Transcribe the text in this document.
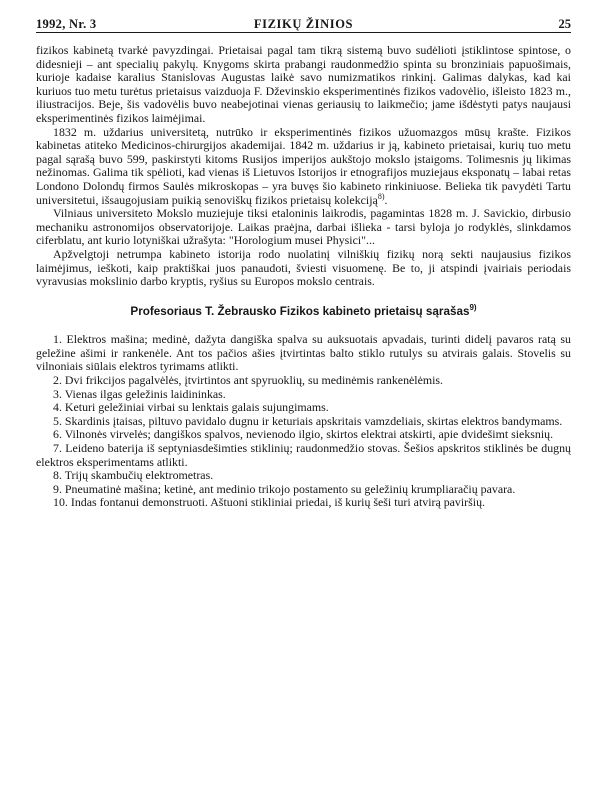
1992, Nr. 3	FIZIKŲ ŽINIOS	25

fizikos kabinetą tvarkė pavyzdingai. Prietaisai pagal tam tikrą sistemą buvo sudėlioti įstiklintose spintose, o didesnieji – ant specialių pakylų. Knygoms skirta prabangi raudonmedžio spinta su bronziniais papuošimais, kurioje kadaise karalius Stanislovas Augustas laikė savo numizmatikos rinkinį. Galimas dalykas, kad kai kuriuos tuo metu turėtus prietaisus vaizduoja F. Dževinskio eksperimentinės fizikos vadovėlio, išleisto 1823 m., iliustracijos. Beje, šis vadovėlis buvo neabejotinai vienas geriausių to laikmečio; jame išdėstyti patys naujausi eksperimentinės fizikos laimėjimai.

1832 m. uždarius universitetą, nutrūko ir eksperimentinės fizikos užuomazgos mūsų krašte. Fizikos kabinetas atiteko Medicinos-chirurgijos akademijai. 1842 m. uždarius ir ją, kabineto prietaisai, kurių tuo metu pagal sąrašą buvo 599, paskirstyti kitoms Rusijos imperijos aukštojo mokslo įstaigoms. Tolimesnis jų likimas nežinomas. Galima tik spėlioti, kad vienas iš Lietuvos Istorijos ir etnografijos muziejaus eksponatų – labai retas Londono Dolondų firmos Saulės mikroskopas – yra buvęs šio kabineto rinkiniuose. Beliekа tik pavydėti Tartu universitetui, išsaugojusiam puikią senoviškų fizikos prietaisų kolekciją$^{8)}$.

Vilniaus universiteto Mokslo muziejuje tiksi etaloninis laikrodis, pagamintas 1828 m. J. Savickio, dirbusio mechaniku astronomijos observatorijoje. Laikas praėjna, darbai išlieka - tarsi byloja jo rodyklės, slinkdamos ciferblatu, ant kurio lotyniškai užrašyta: "Horologium musei Physici"...

Apžvelgtoji netrumpa kabineto istorija rodo nuolatinį vilniškių fizikų norą sekti naujausius fizikos laimėjimus, ieškoti, kaip praktiškai juos panaudoti, šviesti visuomenę. Be to, ji atspindi įvairiais periodais vyravusias mokslinio darbo kryptis, ryšius su Europos mokslo centrais.

Profesoriaus T. Žebrausko Fizikos kabineto prietaisų sąrašas$^{9)}$

1. Elektros mašina; medinė, dažyta dangiška spalva su auksuotais apvadais, turinti didelį pavaros ratą su geležine ašimi ir rankenėle. Ant tos pačios ašies įtvirtintas balto stiklo rutulys su atvirais galais. Stovelis su vilnoniais siūlais elektros tyrimams atlikti.

2. Dvi frikcijos pagalvėlės, įtvirtintos ant spyruoklių, su medinėmis rankenėlėmis.

3. Vienas ilgas geležinis laidininkas.

4. Keturi geležiniai virbai su lenktais galais sujungimams.

5. Skardinis įtaisas, piltuvo pavidalo dugnu ir keturiais apskritais vamzdeliais, skirtas elektros bandymams.

6. Vilnonės virvelės; dangiškos spalvos, nevienodo ilgio, skirtos elektrai atskirti, apie dvidešimt sieksnių.

7. Leideno baterija iš septyniasdešimties stiklinių; raudonmedžio stovas. Šešios apskritos stiklinės be dugnų elektros eksperimentams atlikti.

8. Trijų skambučių elektrometras.

9. Pneumatinė mašina; ketinė, ant medinio trikojo postamento su geležinių krumpliaračių pavara.

10. Indas fontanui demonstruoti. Aštuoni stikliniai priedai, iš kurių šeši turi atvirą paviršių.
